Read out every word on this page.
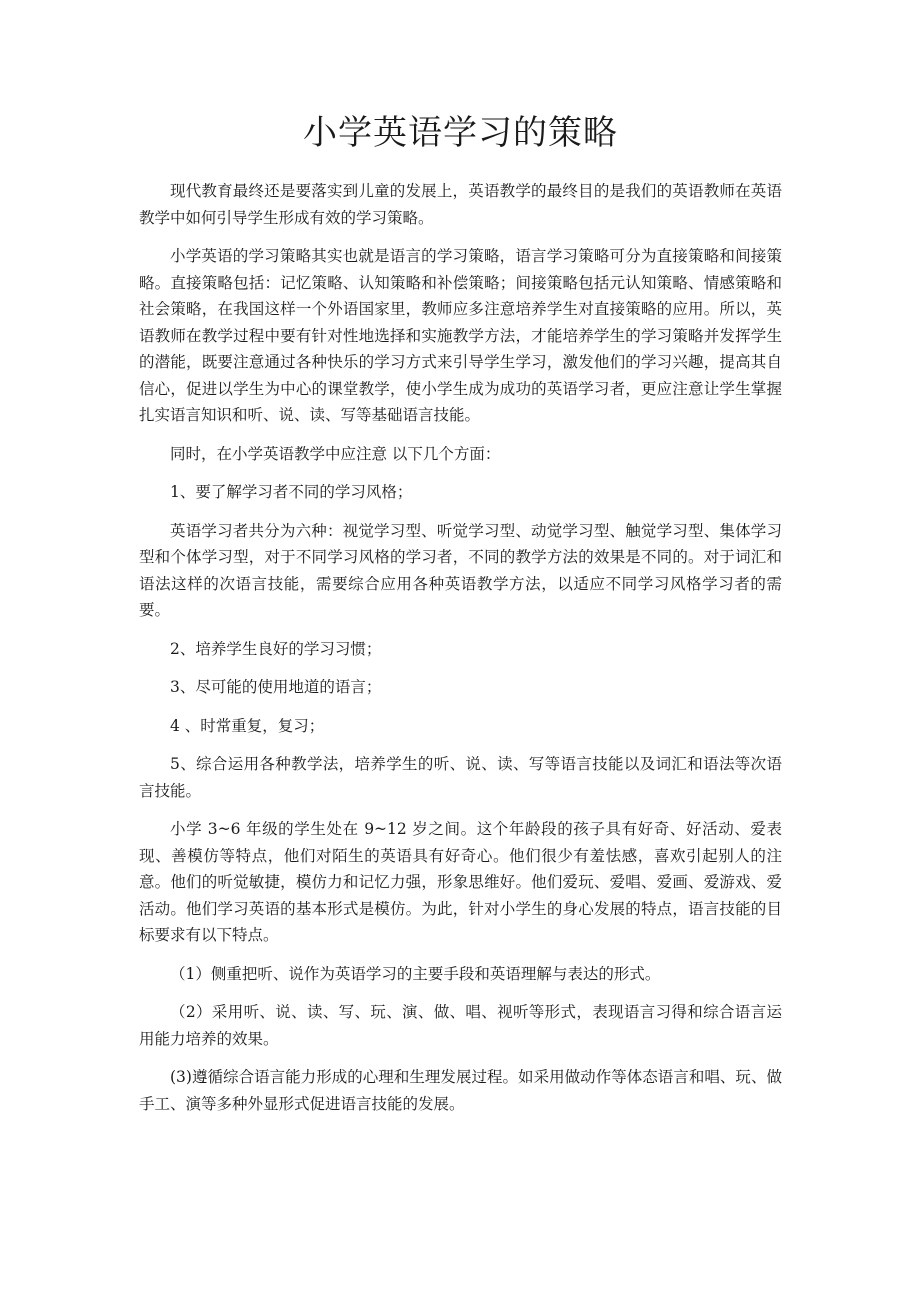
小学英语学习的策略

现代教育最终还是要落实到儿童的发展上，英语教学的最终目的是我们的英语教师在英语教学中如何引导学生形成有效的学习策略。

小学英语的学习策略其实也就是语言的学习策略，语言学习策略可分为直接策略和间接策略。直接策略包括：记忆策略、认知策略和补偿策略；间接策略包括元认知策略、情感策略和社会策略，在我国这样一个外语国家里，教师应多注意培养学生对直接策略的应用。所以，英语教师在教学过程中要有针对性地选择和实施教学方法，才能培养学生的学习策略并发挥学生的潜能，既要注意通过各种快乐的学习方式来引导学生学习，激发他们的学习兴趣，提高其自信心，促进以学生为中心的课堂教学，使小学生成为成功的英语学习者，更应注意让学生掌握扎实语言知识和听、说、读、写等基础语言技能。

同时，在小学英语教学中应注意 以下几个方面：

1、要了解学习者不同的学习风格；

英语学习者共分为六种：视觉学习型、听觉学习型、动觉学习型、触觉学习型、集体学习型和个体学习型，对于不同学习风格的学习者，不同的教学方法的效果是不同的。对于词汇和语法这样的次语言技能，需要综合应用各种英语教学方法，以适应不同学习风格学习者的需要。

2、培养学生良好的学习习惯；

3、尽可能的使用地道的语言；

4 、时常重复，复习；

5、综合运用各种教学法，培养学生的听、说、读、写等语言技能以及词汇和语法等次语言技能。

小学 3~6 年级的学生处在 9~12 岁之间。这个年龄段的孩子具有好奇、好活动、爱表现、善模仿等特点，他们对陌生的英语具有好奇心。他们很少有羞怯感，喜欢引起别人的注意。他们的听觉敏捷，模仿力和记忆力强，形象思维好。他们爱玩、爱唱、爱画、爱游戏、爱活动。他们学习英语的基本形式是模仿。为此，针对小学生的身心发展的特点，语言技能的目标要求有以下特点。

（1）侧重把听、说作为英语学习的主要手段和英语理解与表达的形式。

（2）采用听、说、读、写、玩、演、做、唱、视听等形式，表现语言习得和综合语言运用能力培养的效果。

(3)遵循综合语言能力形成的心理和生理发展过程。如采用做动作等体态语言和唱、玩、做手工、演等多种外显形式促进语言技能的发展。
